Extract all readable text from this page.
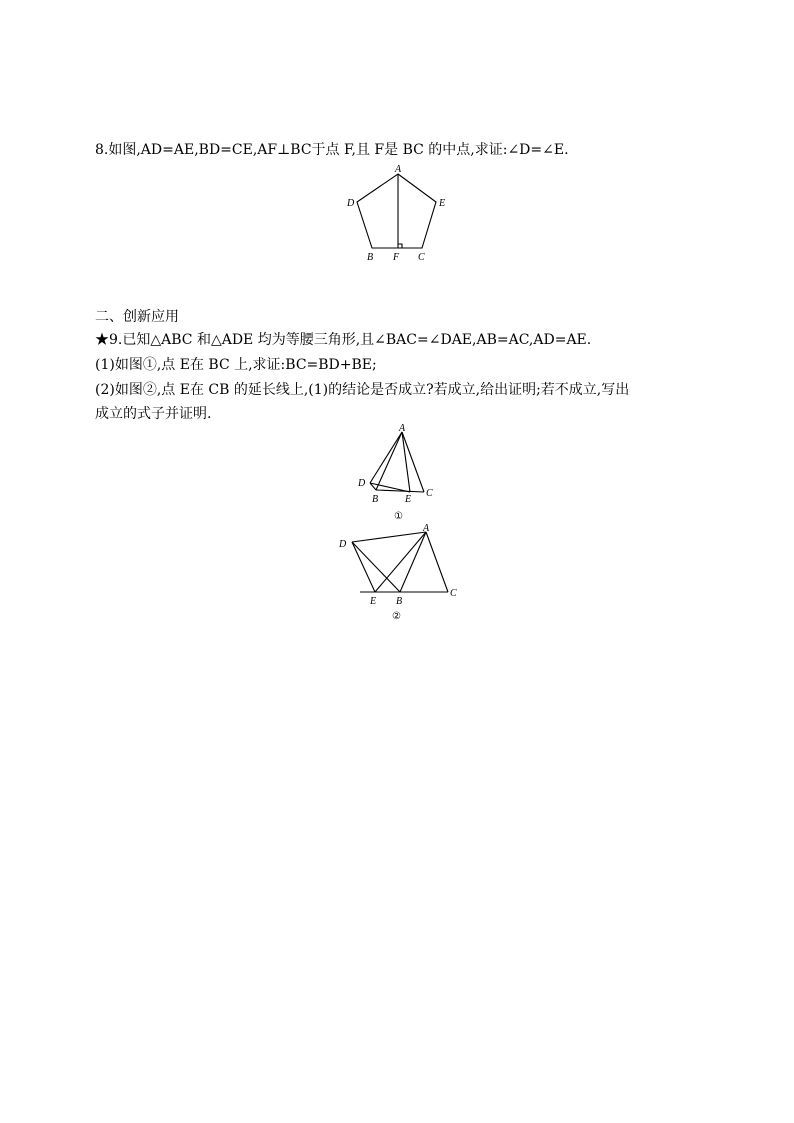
8.如图,AD=AE,BD=CE,AF⊥BC于点 F,且 F是 BC 的中点,求证:∠D=∠E.
A
D	E
B F C
二、创新应用
★9.已知△ABC 和△ADE 均为等腰三角形,且∠BAC=∠DAE,AB=AC,AD=AE.
(1)如图①,点 E在 BC 上,求证:BC=BD+BE;
(2)如图②,点 E在 CB 的延长线上,(1)的结论是否成立?若成立,给出证明;若不成立,写出
成立的式子并证明.
A
D
B	E
C
①
D
A
E B
C
②
